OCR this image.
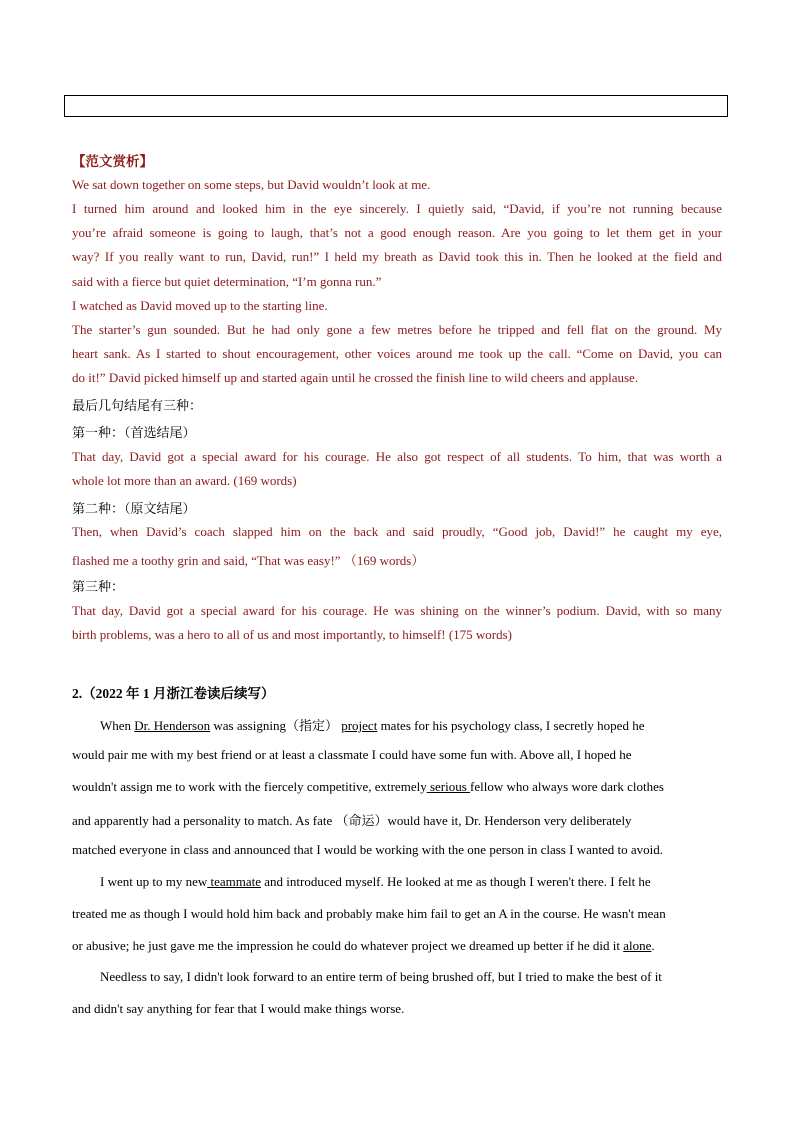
【范文赏析】
We sat down together on some steps, but David wouldn’t look at me.
I turned him around and looked him in the eye sincerely. I quietly said, “David, if you’re not running because
you’re afraid someone is going to laugh, that’s not a good enough reason. Are you going to let them get in your
way? If you really want to run, David, run!” I held my breath as David took this in. Then he looked at the field and
said with a fierce but quiet determination, “I’m gonna run.”
I watched as David moved up to the starting line.
The starter’s gun sounded. But he had only gone a few metres before he tripped and fell flat on the ground. My
heart sank. As I started to shout encouragement, other voices around me took up the call. “Come on David, you can
do it!” David picked himself up and started again until he crossed the finish line to wild cheers and applause.
最后几句结尾有三种：
第一种：（首选结尾）
That day, David got a special award for his courage. He also got respect of all students. To him, that was worth a
whole lot more than an award. (169 words)
第二种：（原文结尾）
Then, when David’s coach slapped him on the back and said proudly, “Good job, David!” he caught my eye,
flashed me a toothy grin and said, “That was easy!” （169 words）
第三种：
That day, David got a special award for his courage. He was shining on the winner’s podium. David, with so many
birth problems, was a hero to all of us and most importantly, to himself! (175 words)
2.（2022 年 1 月浙江卷读后续写）
When Dr. Henderson was assigning（指定） project mates for his psychology class, I secretly hoped he
would pair me with my best friend or at least a classmate I could have some fun with. Above all, I hoped he
wouldn't assign me to work with the fiercely competitive, extremely serious fellow who always wore dark clothes
and apparently had a personality to match. As fate （命运）would have it, Dr. Henderson very deliberately
matched everyone in class and announced that I would be working with the one person in class I wanted to avoid.
I went up to my new teammate and introduced myself. He looked at me as though I weren't there. I felt he
treated me as though I would hold him back and probably make him fail to get an A in the course. He wasn't mean
or abusive; he just gave me the impression he could do whatever project we dreamed up better if he did it alone.
Needless to say, I didn't look forward to an entire term of being brushed off, but I tried to make the best of it
and didn't say anything for fear that I would make things worse.
